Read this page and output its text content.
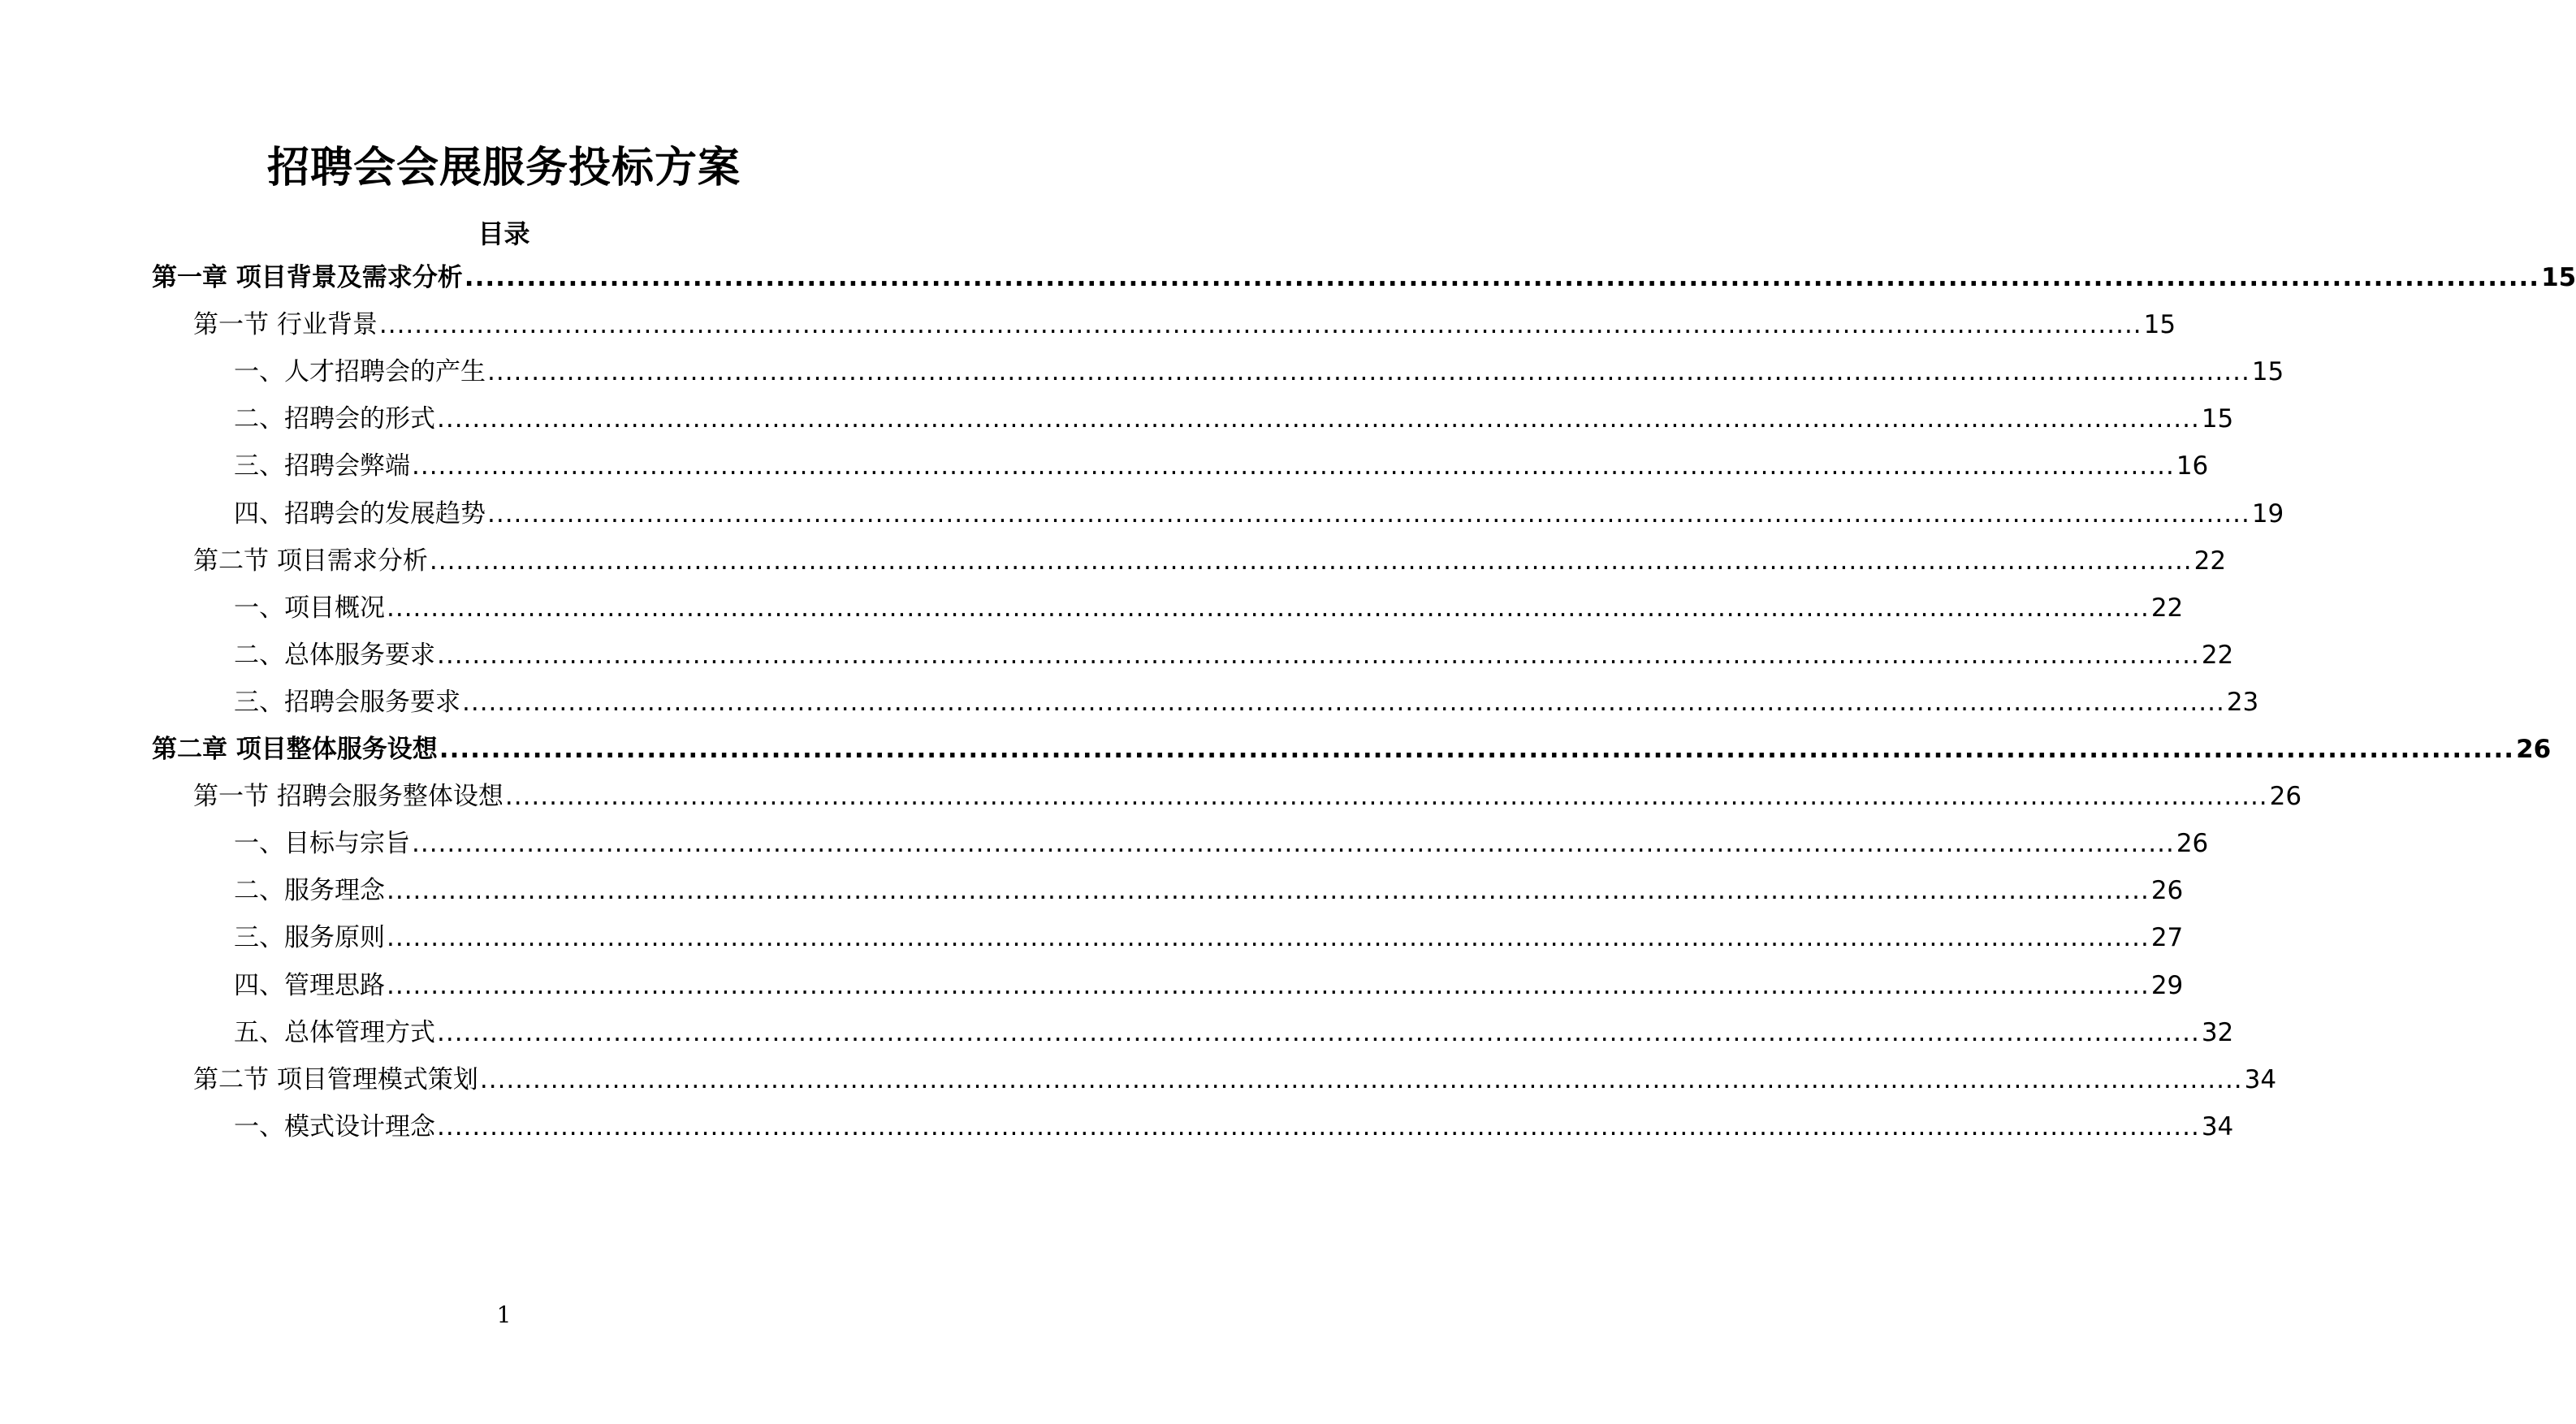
招聘会会展服务投标方案
目录
第一章 项目背景及需求分析 ........................................................................................................................................................................................................ 15
第一节 行业背景 ........................................................................................................................................................................................................ 15
一、人才招聘会的产生 ........................................................................................................................................................................................................ 15
二、招聘会的形式 ........................................................................................................................................................................................................ 15
三、招聘会弊端 ........................................................................................................................................................................................................ 16
四、招聘会的发展趋势 ........................................................................................................................................................................................................ 19
第二节 项目需求分析 ........................................................................................................................................................................................................ 22
一、项目概况 ........................................................................................................................................................................................................ 22
二、总体服务要求 ........................................................................................................................................................................................................ 22
三、招聘会服务要求 ........................................................................................................................................................................................................ 23
第二章 项目整体服务设想 ........................................................................................................................................................................................................ 26
第一节 招聘会服务整体设想 ........................................................................................................................................................................................................ 26
一、目标与宗旨 ........................................................................................................................................................................................................ 26
二、服务理念 ........................................................................................................................................................................................................ 26
三、服务原则 ........................................................................................................................................................................................................ 27
四、管理思路 ........................................................................................................................................................................................................ 29
五、总体管理方式 ........................................................................................................................................................................................................ 32
第二节 项目管理模式策划 ........................................................................................................................................................................................................ 34
一、模式设计理念 ........................................................................................................................................................................................................ 34
1
